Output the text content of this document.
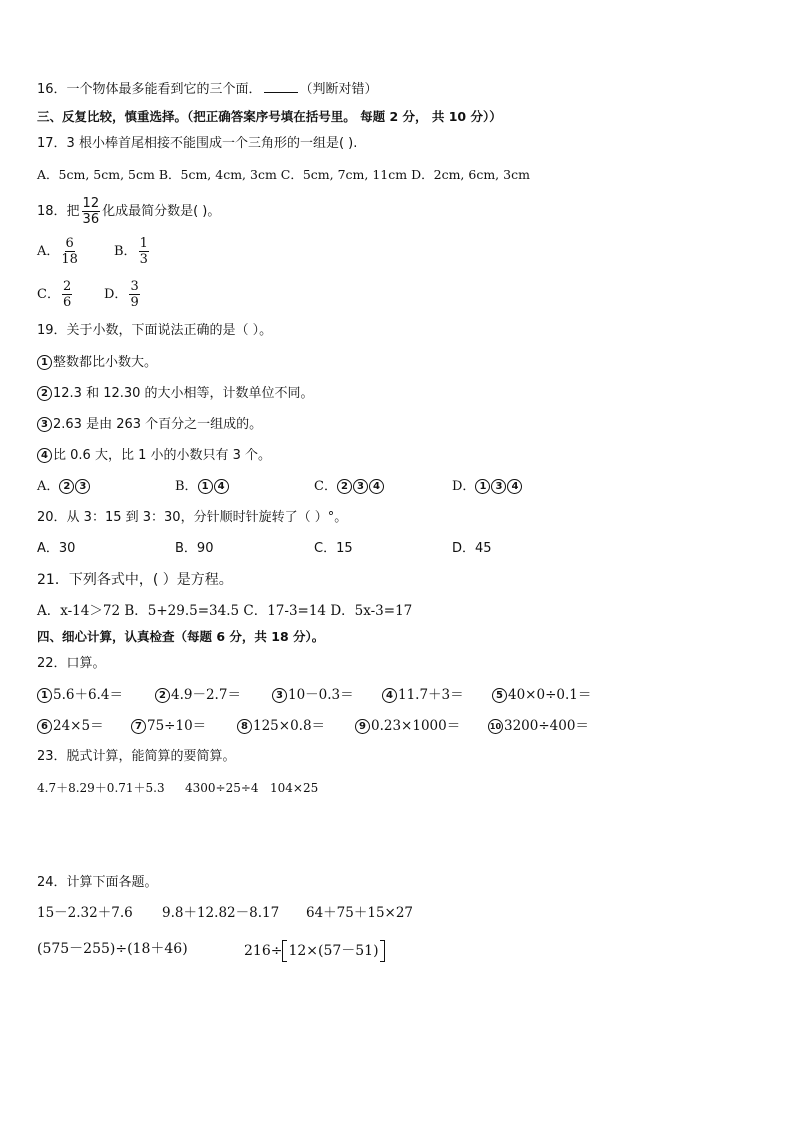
16．一个物体最多能看到它的三个面．	（判断对错）
三、反复比较，慎重选择。（把正确答案序号填在括号里。 每题 2 分， 共 10 分））
17．3 根小棒首尾相接不能围成一个三角形的一组是( ).
A．5cm, 5cm, 5cm B．5cm, 4cm, 3cm C．5cm, 7cm, 11cm D．2cm, 6cm, 3cm
18．把 $\frac{12}{36}$ 化成最简分数是( )。
A． $\frac{6}{18}$	B． $\frac{1}{3}$
C． $\frac{2}{6}$ D． $\frac{3}{9}$
19．关于小数，下面说法正确的是（ ）。
1 整数都比小数大。
2 12.3 和 12.30 的大小相等，计数单位不同。
3 2.63 是由 263 个百分之一组成的。
4 比 0.6 大，比 1 小的小数只有 3 个。
A． 2 3	B． 1 4	C． 2 3 4	D． 1 3 4
20．从 3：15 到 3：30，分针顺时针旋转了（ ）°。
A．30	B．90	C．15	D．45
21．下列各式中，( ）是方程。
A．x-14＞72 B．5+29.5=34.5 C．17-3=14 D．5x-3=17
四、细心计算，认真检查（每题 6 分，共 18 分）。
22．口算。
1 5.6＋6.4＝	2 4.9－2.7＝	3 10－0.3＝	4 11.7＋3＝	5 40×0÷0.1＝
6 24×5＝	7 75÷10＝	8 125×0.8＝	9 0.23×1000＝	10 3200÷400＝
23．脱式计算，能简算的要简算。
4.7＋8.29＋0.71＋5.3 4300÷25÷4 104×25
24．计算下面各题。
15－2.32＋7.6 9.8＋12.82－8.17 64＋75＋15×27
(575－255)÷(18＋46)	216÷ 12×(57－51)
